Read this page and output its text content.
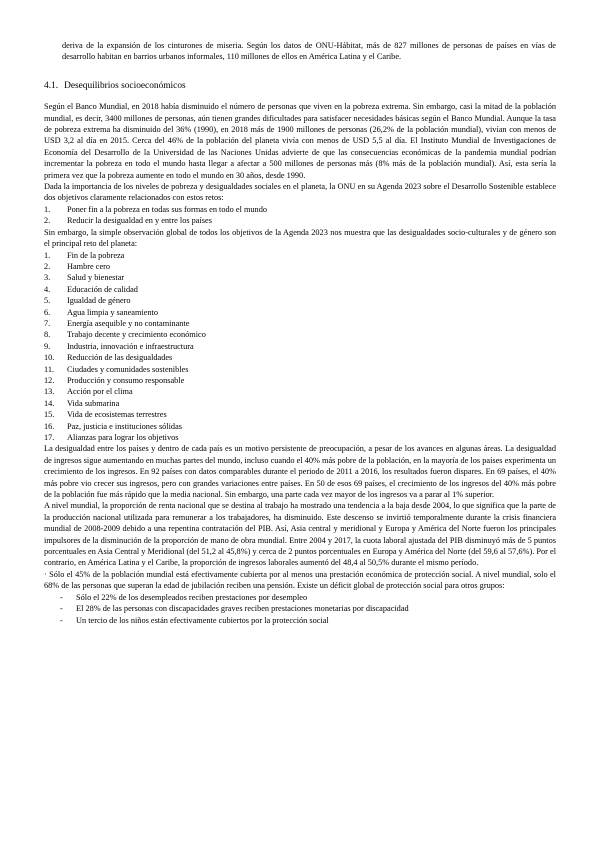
deriva de la expansión de los cinturones de miseria. Según los datos de ONU-Hábitat, más de 827 millones de personas de países en vías de desarrollo habitan en barrios urbanos informales, 110 millones de ellos en América Latina y el Caribe.

4.1. Desequilibrios socioeconómicos

Según el Banco Mundial, en 2018 había disminuido el número de personas que viven en la pobreza extrema. Sin embargo, casi la mitad de la población mundial, es decir, 3400 millones de personas, aún tienen grandes dificultades para satisfacer necesidades básicas según el Banco Mundial. Aunque la tasa de pobreza extrema ha disminuido del 36% (1990), en 2018 más de 1900 millones de personas (26,2% de la población mundial), vivían con menos de USD 3,2 al día en 2015. Cerca del 46% de la población del planeta vivía con menos de USD 5,5 al día. El Instituto Mundial de Investigaciones de Economía del Desarrollo de la Universidad de las Naciones Unidas advierte de que las consecuencias económicas de la pandemia mundial podrían incrementar la pobreza en todo el mundo hasta llegar a afectar a 500 millones de personas más (8% más de la población mundial). Así, esta sería la primera vez que la pobreza aumente en todo el mundo en 30 años, desde 1990.

Dada la importancia de los niveles de pobreza y desigualdades sociales en el planeta, la ONU en su Agenda 2023 sobre el Desarrollo Sostenible establece dos objetivos claramente relacionados con estos retos:

1.	Poner fin a la pobreza en todas sus formas en todo el mundo
2.	Reducir la desigualdad en y entre los países

Sin embargo, la simple observación global de todos los objetivos de la Agenda 2023 nos muestra que las desigualdades socio-culturales y de género son el principal reto del planeta:

1.	Fin de la pobreza
2.	Hambre cero
3.	Salud y bienestar
4.	Educación de calidad
5.	Igualdad de género
6.	Agua limpia y saneamiento
7.	Energía asequible y no contaminante
8.	Trabajo decente y crecimiento económico
9.	Industria, innovación e infraestructura
10.	Reducción de las desigualdades
11.	Ciudades y comunidades sostenibles
12.	Producción y consumo responsable
13.	Acción por el clima
14.	Vida submarina
15.	Vida de ecosistemas terrestres
16.	Paz, justicia e instituciones sólidas
17.	Alianzas para lograr los objetivos

La desigualdad entre los países y dentro de cada país es un motivo persistente de preocupación, a pesar de los avances en algunas áreas. La desigualdad de ingresos sigue aumentando en muchas partes del mundo, incluso cuando el 40% más pobre de la población, en la mayoría de los países experimenta un crecimiento de los ingresos. En 92 países con datos comparables durante el periodo de 2011 a 2016, los resultados fueron dispares. En 69 países, el 40% más pobre vio crecer sus ingresos, pero con grandes variaciones entre países. En 50 de esos 69 países, el crecimiento de los ingresos del 40% más pobre de la población fue más rápido que la media nacional. Sin embargo, una parte cada vez mayor de los ingresos va a parar al 1% superior.

A nivel mundial, la proporción de renta nacional que se destina al trabajo ha mostrado una tendencia a la baja desde 2004, lo que significa que la parte de la producción nacional utilizada para remunerar a los trabajadores, ha disminuido. Este descenso se invirtió temporalmente durante la crisis financiera mundial de 2008-2009 debido a una repentina contratación del PIB. Así, Asia central y meridional y Europa y América del Norte fueron los principales impulsores de la disminución de la proporción de mano de obra mundial. Entre 2004 y 2017, la cuota laboral ajustada del PIB disminuyó más de 5 puntos porcentuales en Asia Central y Meridional (del 51,2 al 45,8%) y cerca de 2 puntos porcentuales en Europa y América del Norte (del 59,6 al 57,6%). Por el contrario, en América Latina y el Caribe, la proporción de ingresos laborales aumentó del 48,4 al 50,5% durante el mismo período.

· Sólo el 45% de la población mundial está efectivamente cubierta por al menos una prestación económica de protección social. A nivel mundial, solo el 68% de las personas que superan la edad de jubilación reciben una pensión. Existe un déficit global de protección social para otros grupos:

-	Sólo el 22% de los desempleados reciben prestaciones por desempleo
-	El 28% de las personas con discapacidades graves reciben prestaciones monetarias por discapacidad
-	Un tercio de los niños están efectivamente cubiertos por la protección social
